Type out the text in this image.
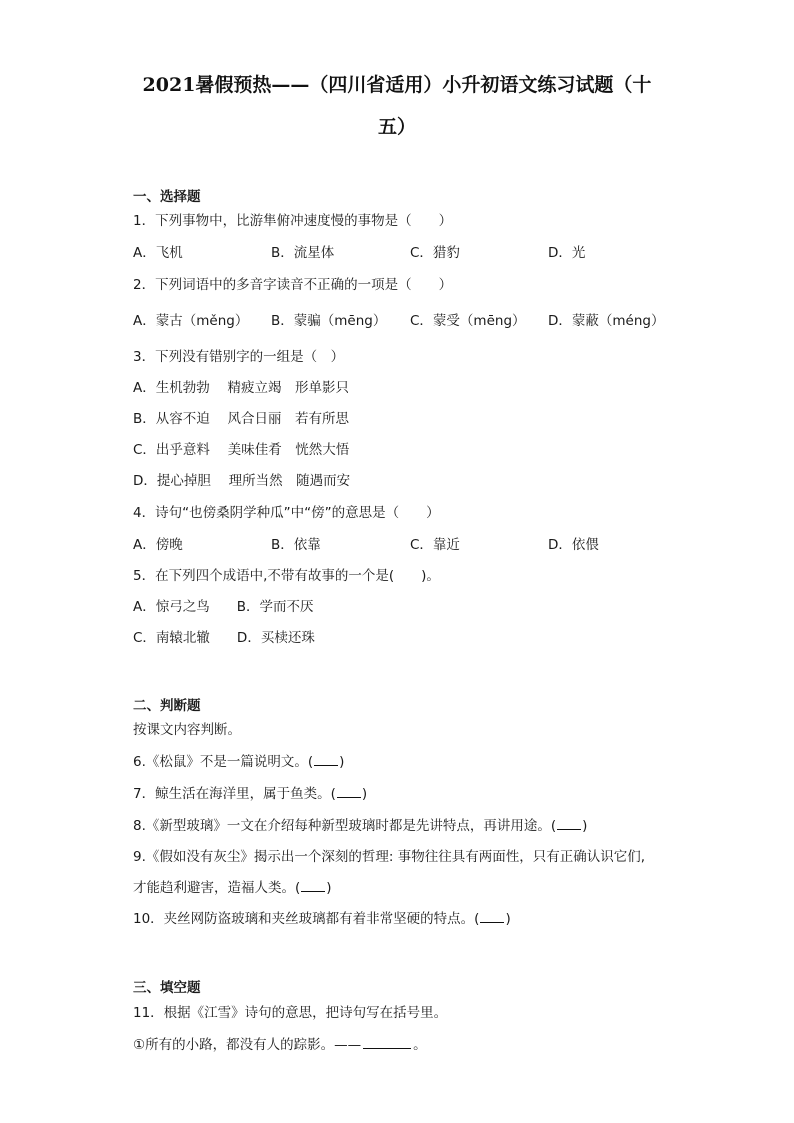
2021暑假预热——（四川省适用）小升初语文练习试题（十
五）
一、选择题
1．下列事物中，比游隼俯冲速度慢的事物是（　　）
A．飞机	B．流星体	C．猎豹	D．光
2．下列词语中的多音字读音不正确的一项是（　　）
A．蒙古（měng） B．蒙骗（mēng） C．蒙受（mēng） D．蒙蔽（méng）
3．下列没有错别字的一组是（　）
A．生机勃勃　 精疲立竭　形单影只
B．从容不迫　 风合日丽　若有所思
C．出乎意料　 美味佳肴　恍然大悟
D．提心掉胆　 理所当然　随遇而安
4．诗句“也傍桑阴学种瓜”中“傍”的意思是（　　）
A．傍晚	B．依靠	C．靠近	D．依偎
5．在下列四个成语中,不带有故事的一个是(　　)。
A．惊弓之鸟　　B．学而不厌
C．南辕北辙　　D．买椟还珠
二、判断题
按课文内容判断。
6.《松鼠》不是一篇说明文。( )
7．鲸生活在海洋里，属于鱼类。( )
8.《新型玻璃》一文在介绍每种新型玻璃时都是先讲特点，再讲用途。( )
9.《假如没有灰尘》揭示出一个深刻的哲理: 事物往往具有两面性，只有正确认识它们,
才能趋利避害，造福人类。( )
10．夹丝网防盗玻璃和夹丝玻璃都有着非常坚硬的特点。( )
三、填空题
11．根据《江雪》诗句的意思，把诗句写在括号里。
①所有的小路，都没有人的踪影。——	。
